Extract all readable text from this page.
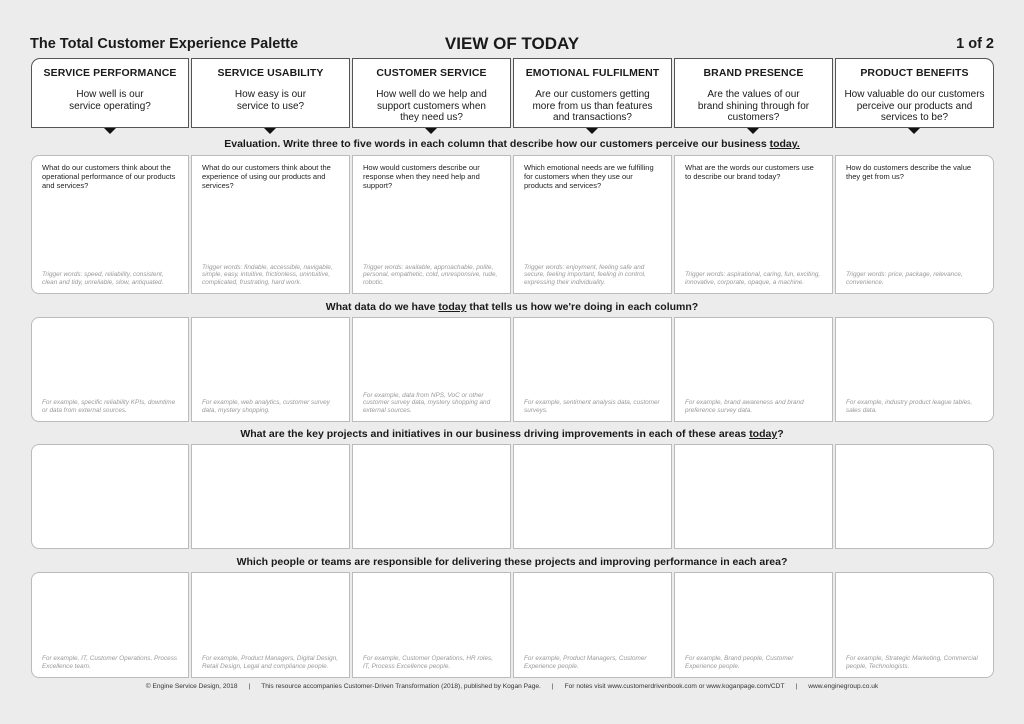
The Total Customer Experience Palette	VIEW OF TODAY	1 of 2
SERVICE PERFORMANCE
How well is our service operating?
SERVICE USABILITY
How easy is our service to use?
CUSTOMER SERVICE
How well do we help and support customers when they need us?
EMOTIONAL FULFILMENT
Are our customers getting more from us than features and transactions?
BRAND PRESENCE
Are the values of our brand shining through for customers?
PRODUCT BENEFITS
How valuable do our customers perceive our products and services to be?
Evaluation. Write three to five words in each column that describe how our customers perceive our business today.
What do our customers think about the operational performance of our products and services?
Trigger words: speed, reliability, consistent, clean and tidy, unreliable, slow, antiquated.
What do our customers think about the experience of using our products and services?
Trigger words: findable, accessible, navigable, simple, easy, intuitive, frictionless, unintuitive, complicated, frustrating, hard work.
How would customers describe our response when they need help and support?
Trigger words: available, approachable, polite, personal, empathetic, cold, unresponsive, rude, robotic.
Which emotional needs are we fulfilling for customers when they use our products and services?
Trigger words: enjoyment, feeling safe and secure, feeling important, feeling in control, expressing their individuality.
What are the words our customers use to describe our brand today?
Trigger words: aspirational, caring, fun, exciting, innovative, corporate, opaque, a machine.
How do customers describe the value they get from us?
Trigger words: price, package, relevance, convenience.
What data do we have today that tells us how we're doing in each column?
For example, specific reliability KPIs, downtime or data from external sources.
For example, web analytics, customer survey data, mystery shopping.
For example, data from NPS, VoC or other customer survey data, mystery shopping and external sources.
For example, sentiment analysis data, customer surveys.
For example, brand awareness and brand preference survey data.
For example, industry product league tables, sales data.
What are the key projects and initiatives in our business driving improvements in each of these areas today?
Which people or teams are responsible for delivering these projects and improving performance in each area?
For example, IT, Customer Operations, Process Excellence team.
For example, Product Managers, Digital Design, Retail Design, Legal and compliance people.
For example, Customer Operations, HR roles, IT, Process Excellence people.
For example, Product Managers, Customer Experience people.
For example, Brand people, Customer Experience people.
For example, Strategic Marketing, Commercial people, Technologists.
© Engine Service Design, 2018 | This resource accompanies Customer-Driven Transformation (2018), published by Kogan Page. | For notes visit www.customerdrivenbook.com or www.koganpage.com/CDT | www.enginegroup.co.uk
